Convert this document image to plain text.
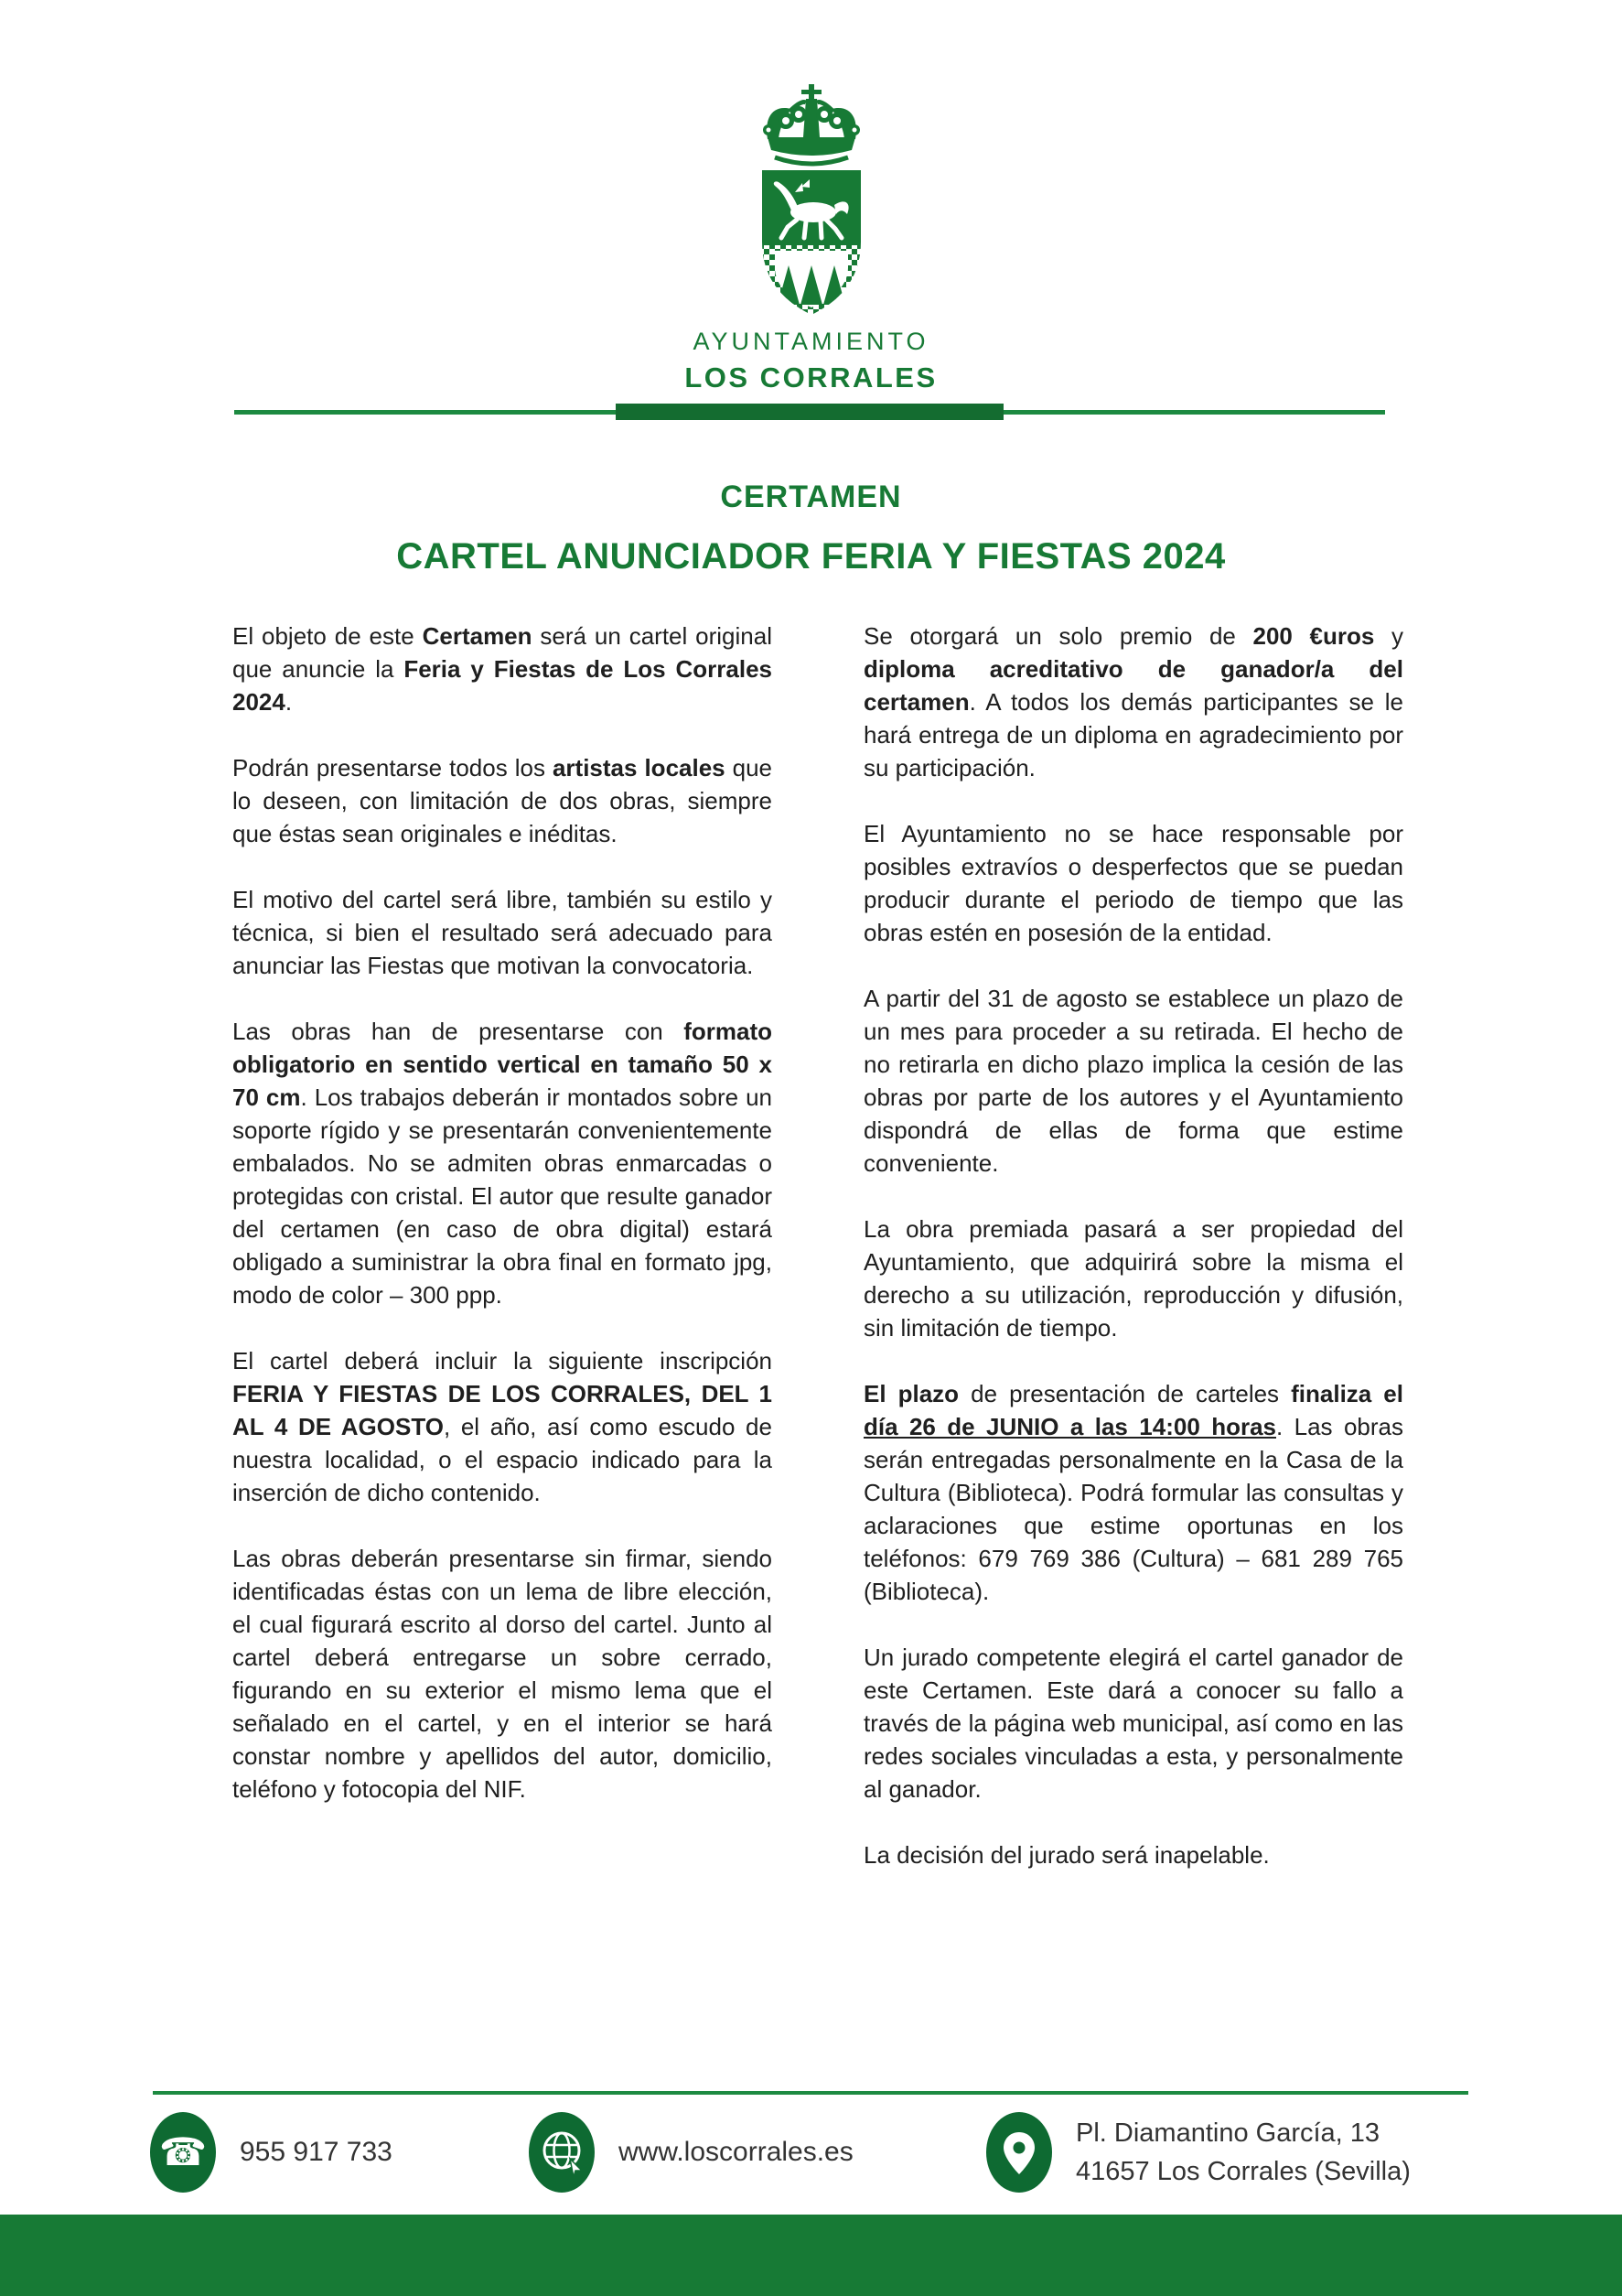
AYUNTAMIENTO
LOS CORRALES
CERTAMEN
CARTEL ANUNCIADOR FERIA Y FIESTAS 2024

El objeto de este Certamen será un cartel original que anuncie la Feria y Fiestas de Los Corrales 2024.

Podrán presentarse todos los artistas locales que lo deseen, con limitación de dos obras, siempre que éstas sean originales e inéditas.

El motivo del cartel será libre, también su estilo y técnica, si bien el resultado será adecuado para anunciar las Fiestas que motivan la convocatoria.

Las obras han de presentarse con formato obligatorio en sentido vertical en tamaño 50 x 70 cm. Los trabajos deberán ir montados sobre un soporte rígido y se presentarán convenientemente embalados. No se admiten obras enmarcadas o protegidas con cristal. El autor que resulte ganador del certamen (en caso de obra digital) estará obligado a suministrar la obra final en formato jpg, modo de color – 300 ppp.

El cartel deberá incluir la siguiente inscripción FERIA Y FIESTAS DE LOS CORRALES, DEL 1 AL 4 DE AGOSTO, el año, así como escudo de nuestra localidad, o el espacio indicado para la inserción de dicho contenido.

Las obras deberán presentarse sin firmar, siendo identificadas éstas con un lema de libre elección, el cual figurará escrito al dorso del cartel. Junto al cartel deberá entregarse un sobre cerrado, figurando en su exterior el mismo lema que el señalado en el cartel, y en el interior se hará constar nombre y apellidos del autor, domicilio, teléfono y fotocopia del NIF.

Se otorgará un solo premio de 200 €uros y diploma acreditativo de ganador/a del certamen. A todos los demás participantes se le hará entrega de un diploma en agradecimiento por su participación.

El Ayuntamiento no se hace responsable por posibles extravíos o desperfectos que se puedan producir durante el periodo de tiempo que las obras estén en posesión de la entidad.

A partir del 31 de agosto se establece un plazo de un mes para proceder a su retirada. El hecho de no retirarla en dicho plazo implica la cesión de las obras por parte de los autores y el Ayuntamiento dispondrá de ellas de forma que estime conveniente.

La obra premiada pasará a ser propiedad del Ayuntamiento, que adquirirá sobre la misma el derecho a su utilización, reproducción y difusión, sin limitación de tiempo.

El plazo de presentación de carteles finaliza el día 26 de JUNIO a las 14:00 horas. Las obras serán entregadas personalmente en la Casa de la Cultura (Biblioteca). Podrá formular las consultas y aclaraciones que estime oportunas en los teléfonos: 679 769 386 (Cultura) – 681 289 765 (Biblioteca).

Un jurado competente elegirá el cartel ganador de este Certamen. Este dará a conocer su fallo a través de la página web municipal, así como en las redes sociales vinculadas a esta, y personalmente al ganador.

La decisión del jurado será inapelable.

☎ 955 917 733	www.loscorrales.es
Pl. Diamantino García, 13
41657 Los Corrales (Sevilla)
